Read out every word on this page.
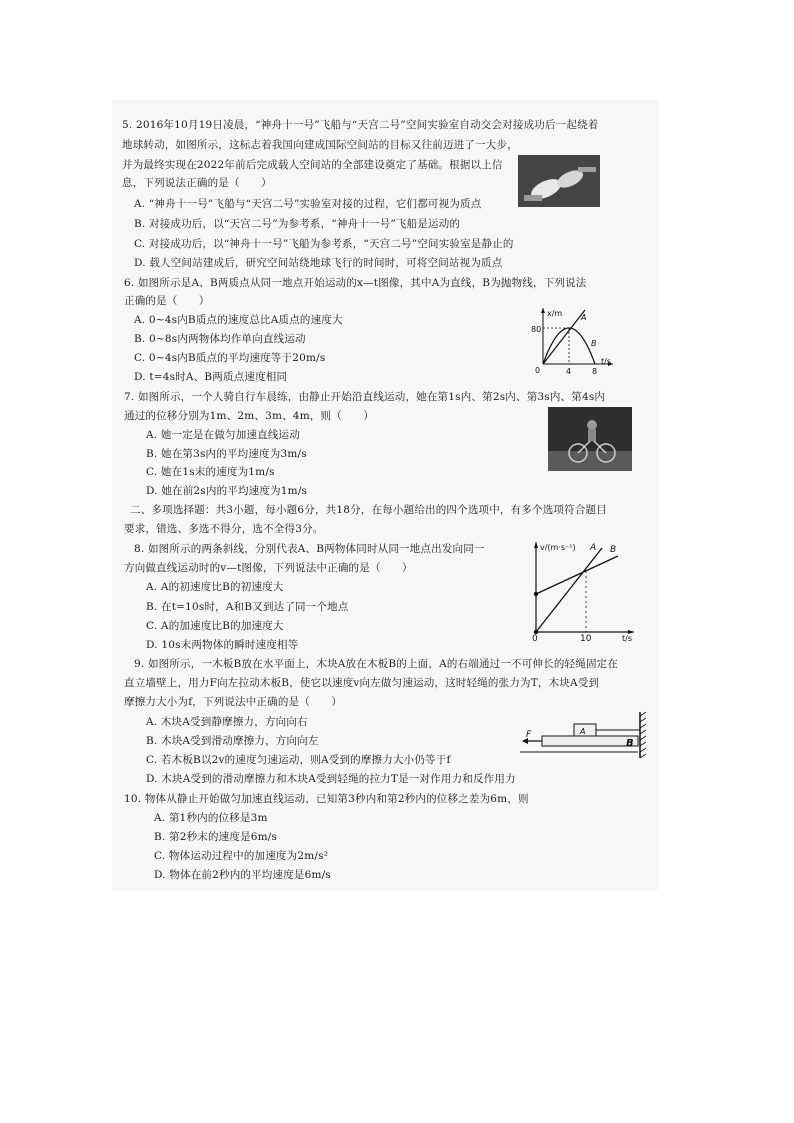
5. 2016年10月19日凌晨，“神舟十一号”飞船与“天宫二号”空间实验室自动交会对接成功后一起绕着
地球转动，如图所示，这标志着我国向建成国际空间站的目标又往前迈进了一大步，
并为最终实现在2022年前后完成载人空间站的全部建设奠定了基础。根据以上信
息，下列说法正确的是（　　）
A. “神舟十一号”飞船与“天宫二号”实验室对接的过程，它们都可视为质点
B. 对接成功后，以“天宫二号”为参考系，“神舟十一号”飞船是运动的
C. 对接成功后，以“神舟十一号”飞船为参考系，“天宫二号”空间实验室是静止的
D. 载人空间站建成后，研究空间站绕地球飞行的时间时，可将空间站视为质点
6. 如图所示是A、B两质点从同一地点开始运动的x—t图像，其中A为直线，B为抛物线，下列说法
正确的是（　　）
A. 0~4s内B质点的速度总比A质点的速度大
B. 0~8s内两物体均作单向直线运动
C. 0~4s内B质点的平均速度等于20m/s
D. t=4s时A、B两质点速度相同
x/m
80
0	4	8
t/s
A
B
7. 如图所示，一个人骑自行车晨练，由静止开始沿直线运动，她在第1s内、第2s内、第3s内、第4s内
通过的位移分别为1m、2m、3m、4m，则（　　）
A. 她一定是在做匀加速直线运动
B. 她在第3s内的平均速度为3m/s
C. 她在1s末的速度为1m/s
D. 她在前2s内的平均速度为1m/s
二、多项选择题：共3小题，每小题6分，共18分，在每小题给出的四个选项中，有多个选项符合题目
要求，错选、多选不得分，选不全得3分。
8. 如图所示的两条斜线，分别代表A、B两物体同时从同一地点出发向同一
方向做直线运动时的v—t图像，下列说法中正确的是（　　）
A. A的初速度比B的初速度大
B. 在t=10s时，A和B又到达了同一个地点
C. A的加速度比B的加速度大
D. 10s末两物体的瞬时速度相等
v/(m·s⁻¹) A B
0	10	t/s
9. 如图所示，一木板B放在水平面上，木块A放在木板B的上面，A的右端通过一不可伸长的轻绳固定在
直立墙壁上，用力F向左拉动木板B，使它以速度v向左做匀速运动，这时轻绳的张力为T，木块A受到
摩擦力大小为f，下列说法中正确的是（　　）
A. 木块A受到静摩擦力，方向向右
B. 木块A受到滑动摩擦力，方向向左
C. 若木板B以2v的速度匀速运动，则A受到的摩擦力大小仍等于f
D. 木块A受到的滑动摩擦力和木块A受到轻绳的拉力T是一对作用力和反作用力
F	A
B
10. 物体从静止开始做匀加速直线运动，已知第3秒内和第2秒内的位移之差为6m，则
A. 第1秒内的位移是3m
B. 第2秒末的速度是6m/s
C. 物体运动过程中的加速度为2m/s²
D. 物体在前2秒内的平均速度是6m/s
